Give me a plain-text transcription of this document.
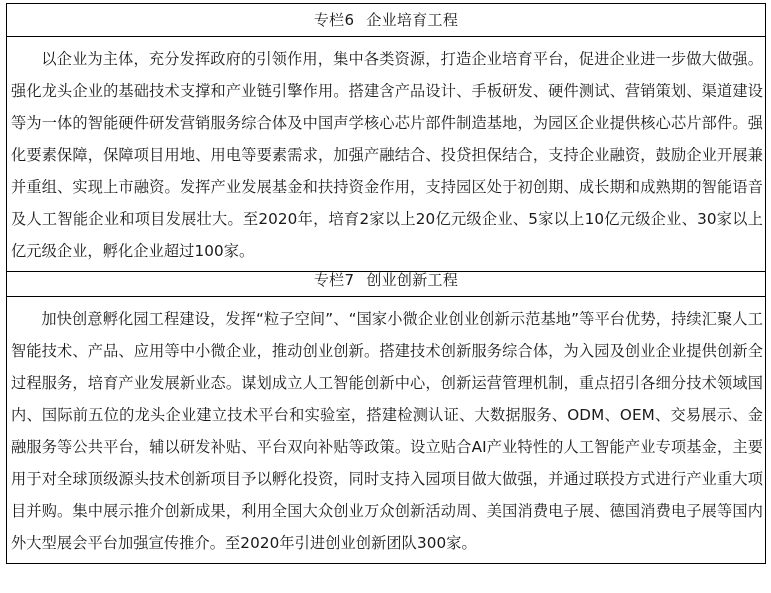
专栏6 企业培育工程
以企业为主体，充分发挥政府的引领作用，集中各类资源，打造企业培育平台，促进企业进一步做大做强。强化龙头企业的基础技术支撑和产业链引擎作用。搭建含产品设计、手板研发、硬件测试、营销策划、渠道建设等为一体的智能硬件研发营销服务综合体及中国声学核心芯片部件制造基地，为园区企业提供核心芯片部件。强化要素保障，保障项目用地、用电等要素需求，加强产融结合、投贷担保结合，支持企业融资，鼓励企业开展兼并重组、实现上市融资。发挥产业发展基金和扶持资金作用，支持园区处于初创期、成长期和成熟期的智能语音及人工智能企业和项目发展壮大。至2020年，培育2家以上20亿元级企业、5家以上10亿元级企业、30家以上亿元级企业，孵化企业超过100家。
专栏7 创业创新工程
加快创意孵化园工程建设，发挥“粒子空间”、“国家小微企业创业创新示范基地”等平台优势，持续汇聚人工智能技术、产品、应用等中小微企业，推动创业创新。搭建技术创新服务综合体，为入园及创业企业提供创新全过程服务，培育产业发展新业态。谋划成立人工智能创新中心，创新运营管理机制，重点招引各细分技术领域国内、国际前五位的龙头企业建立技术平台和实验室，搭建检测认证、大数据服务、ODM、OEM、交易展示、金融服务等公共平台，辅以研发补贴、平台双向补贴等政策。设立贴合AI产业特性的人工智能产业专项基金，主要用于对全球顶级源头技术创新项目予以孵化投资，同时支持入园项目做大做强，并通过联投方式进行产业重大项目并购。集中展示推介创新成果，利用全国大众创业万众创新活动周、美国消费电子展、德国消费电子展等国内外大型展会平台加强宣传推介。至2020年引进创业创新团队300家。
